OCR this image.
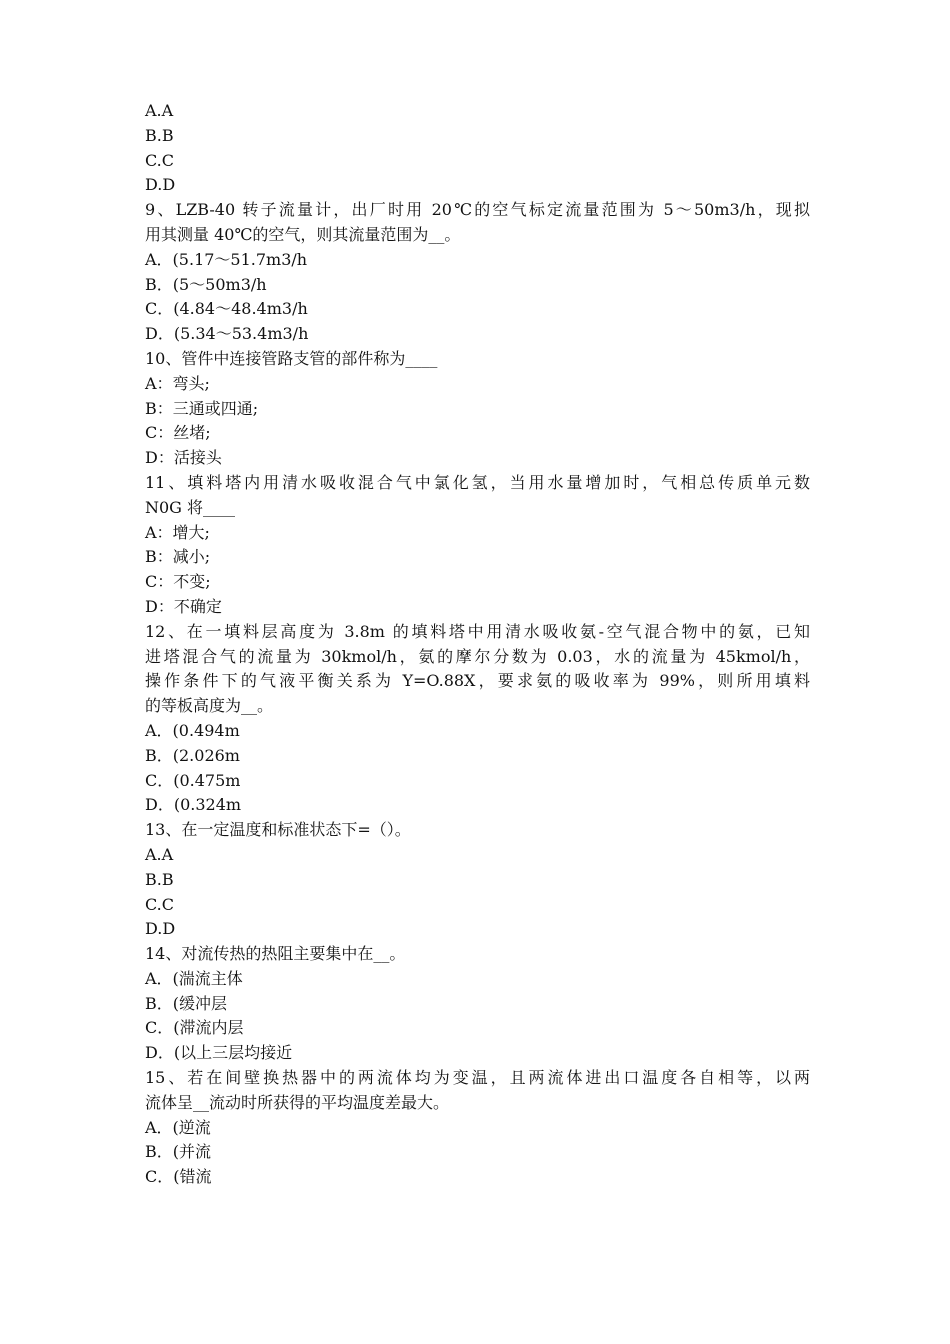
A.A
B.B
C.C
D.D
9、LZB-40 转子流量计，出厂时用 20℃的空气标定流量范围为 5～50m3/h，现拟
用其测量 40℃的空气，则其流量范围为__。
A．(5.17～51.7m3/h
B．(5～50m3/h
C．(4.84～48.4m3/h
D．(5.34～53.4m3/h
10、管件中连接管路支管的部件称为____
A：弯头;
B：三通或四通;
C：丝堵;
D：活接头
11、填料塔内用清水吸收混合气中氯化氢，当用水量增加时，气相总传质单元数
N0G 将____
A：增大;
B：减小;
C：不变;
D：不确定
12、在一填料层高度为 3.8m 的填料塔中用清水吸收氨-空气混合物中的氨，已知
进塔混合气的流量为 30kmol/h，氨的摩尔分数为 0.03，水的流量为 45kmol/h，
操作条件下的气液平衡关系为 Y=O.88X，要求氨的吸收率为 99%，则所用填料
的等板高度为__。
A．(0.494m
B．(2.026m
C．(0.475m
D．(0.324m
13、在一定温度和标准状态下=（）。
A.A
B.B
C.C
D.D
14、对流传热的热阻主要集中在__。
A．(湍流主体
B．(缓冲层
C．(滞流内层
D．(以上三层均接近
15、若在间壁换热器中的两流体均为变温，且两流体进出口温度各自相等，以两
流体呈__流动时所获得的平均温度差最大。
A．(逆流
B．(并流
C．(错流
